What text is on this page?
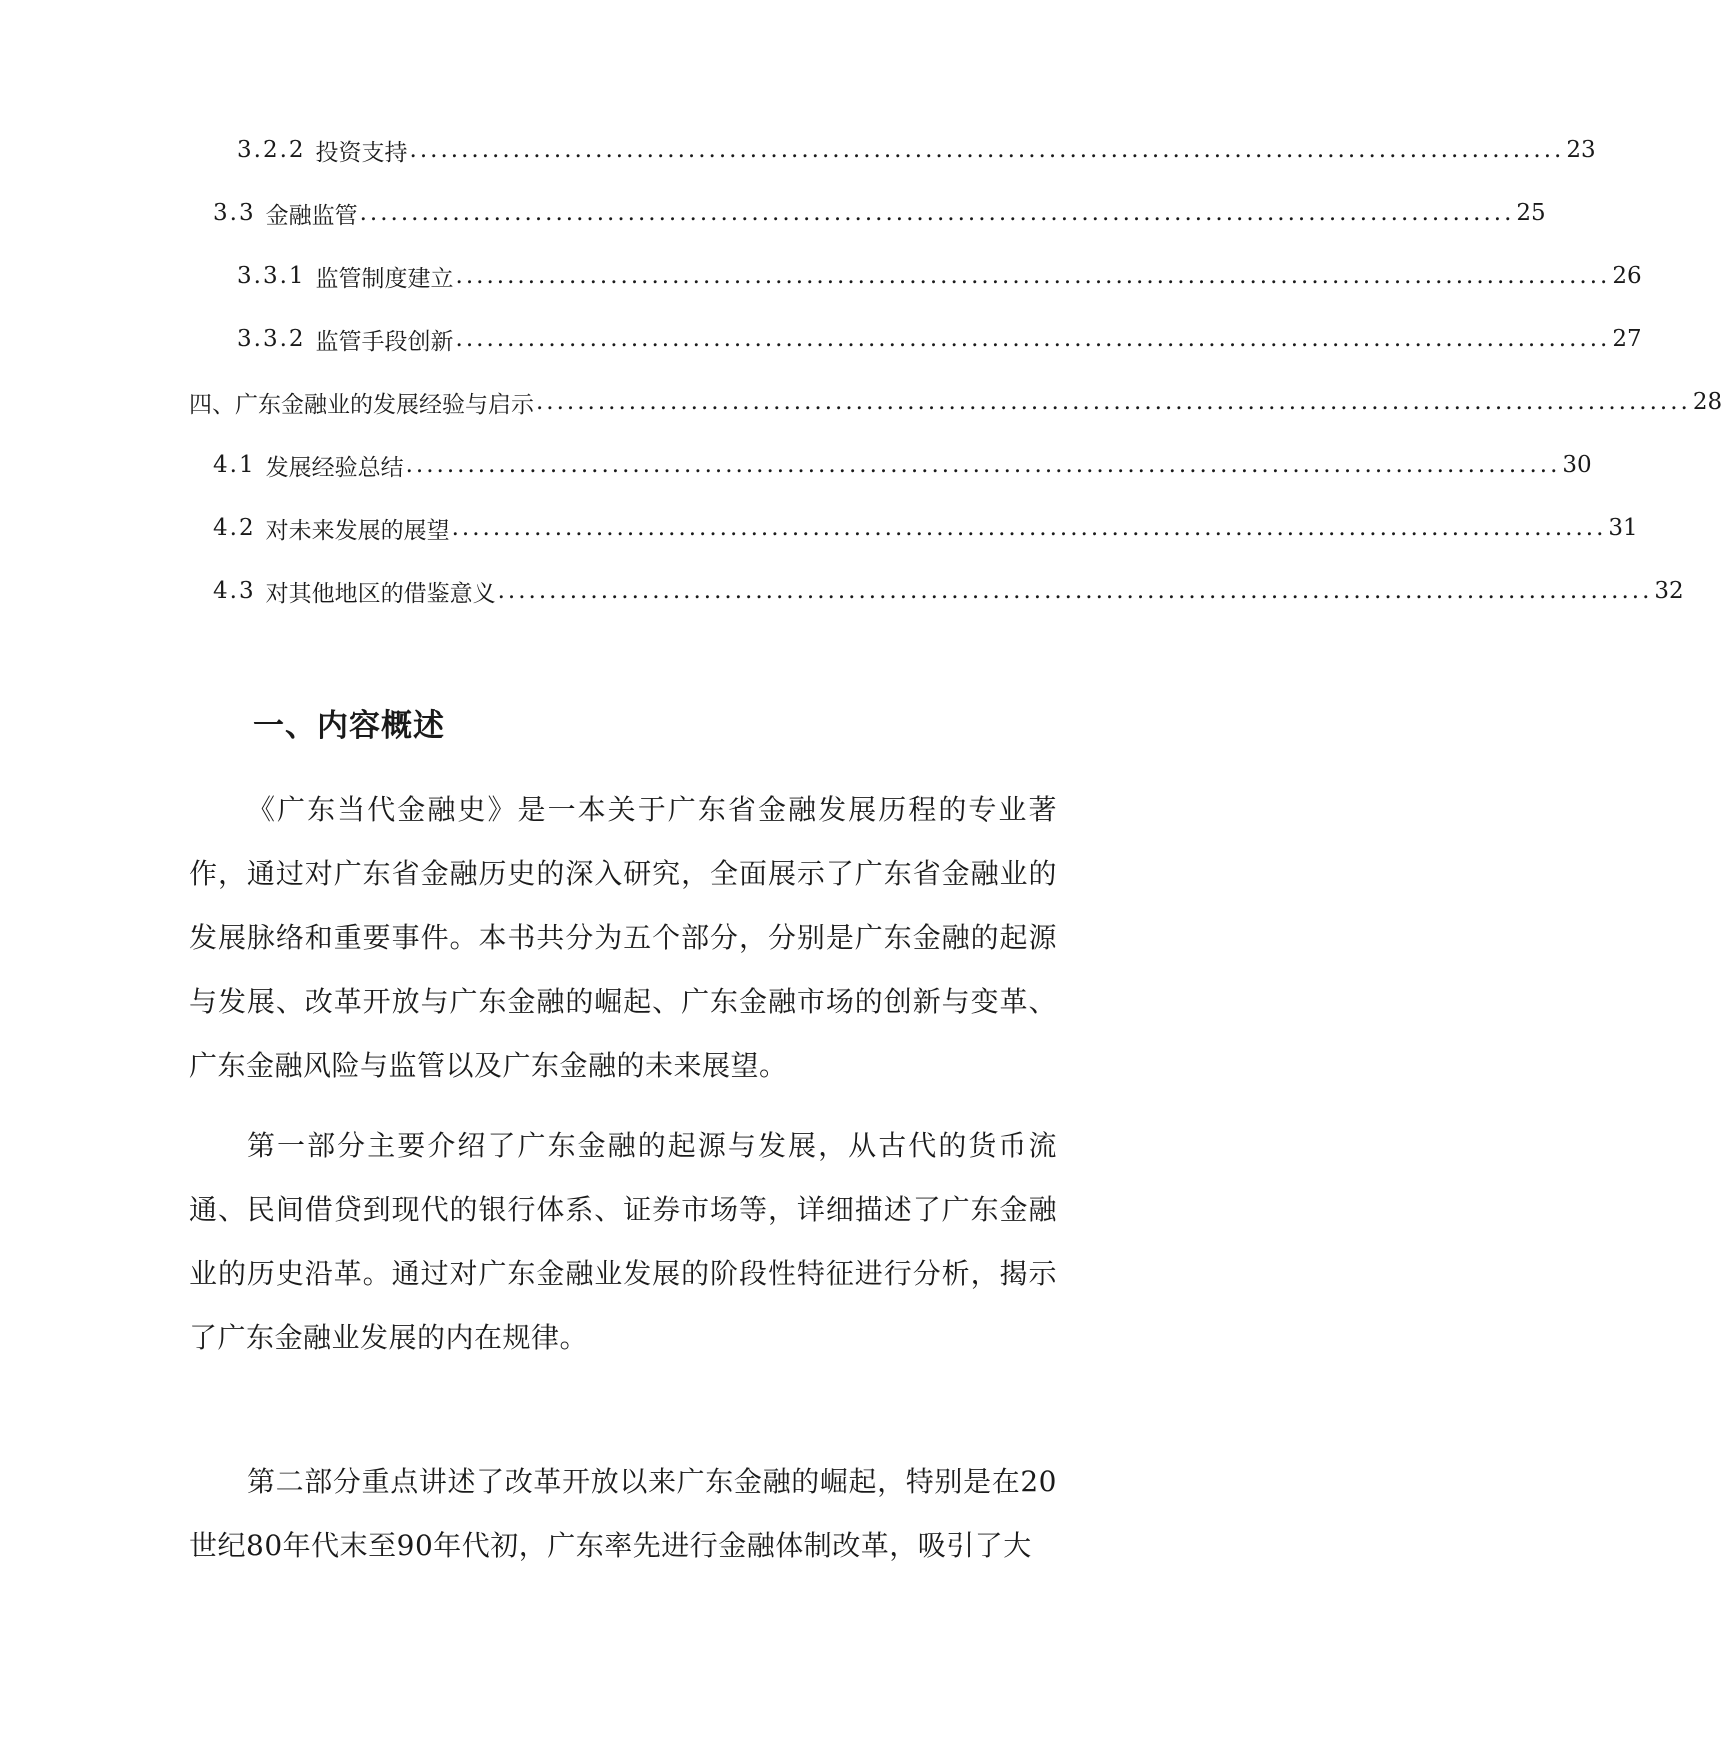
3.2.2 投资支持 ................................................................................................................ 23
3.3 金融监管 ................................................................................................................ 25
3.3.1 监管制度建立 ................................................................................................................ 26
3.3.2 监管手段创新 ................................................................................................................ 27
四、广东金融业的发展经验与启示 ................................................................................................................ 28
4.1 发展经验总结 ................................................................................................................ 30
4.2 对未来发展的展望 ................................................................................................................ 31
4.3 对其他地区的借鉴意义 ................................................................................................................ 32
一、内容概述

《广东当代金融史》是一本关于广东省金融发展历程的专业著作，通过对广东省金融历史的深入研究，全面展示了广东省金融业的发展脉络和重要事件。本书共分为五个部分，分别是广东金融的起源与发展、改革开放与广东金融的崛起、广东金融市场的创新与变革、广东金融风险与监管以及广东金融的未来展望。

第一部分主要介绍了广东金融的起源与发展，从古代的货币流通、民间借贷到现代的银行体系、证券市场等，详细描述了广东金融业的历史沿革。通过对广东金融业发展的阶段性特征进行分析，揭示了广东金融业发展的内在规律。

第二部分重点讲述了改革开放以来广东金融的崛起，特别是在20世纪80年代末至90年代初，广东率先进行金融体制改革，吸引了大
